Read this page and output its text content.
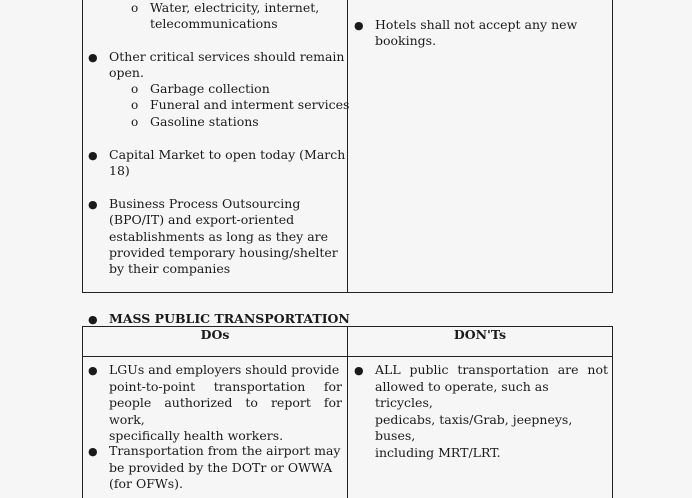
o Water, electricity, internet,
telecommunications
● Other critical services should remain
open.
o Garbage collection
o Funeral and interment services
o Gasoline stations
● Capital Market to open today (March
18)
● Business Process Outsourcing
(BPO/IT) and export-oriented
establishments as long as they are
provided temporary housing/shelter
by their companies
● Hotels shall not accept any new
bookings.
● MASS PUBLIC TRANSPORTATION
DOs	DON'Ts
● LGUs and employers should provide
point-to-point transportation for
people authorized to report for work,
specifically health workers.
● Transportation from the airport may
be provided by the DOTr or OWWA
(for OFWs).
● ALL public transportation are not
allowed to operate, such as tricycles,
pedicabs, taxis/Grab, jeepneys, buses,
including MRT/LRT.
